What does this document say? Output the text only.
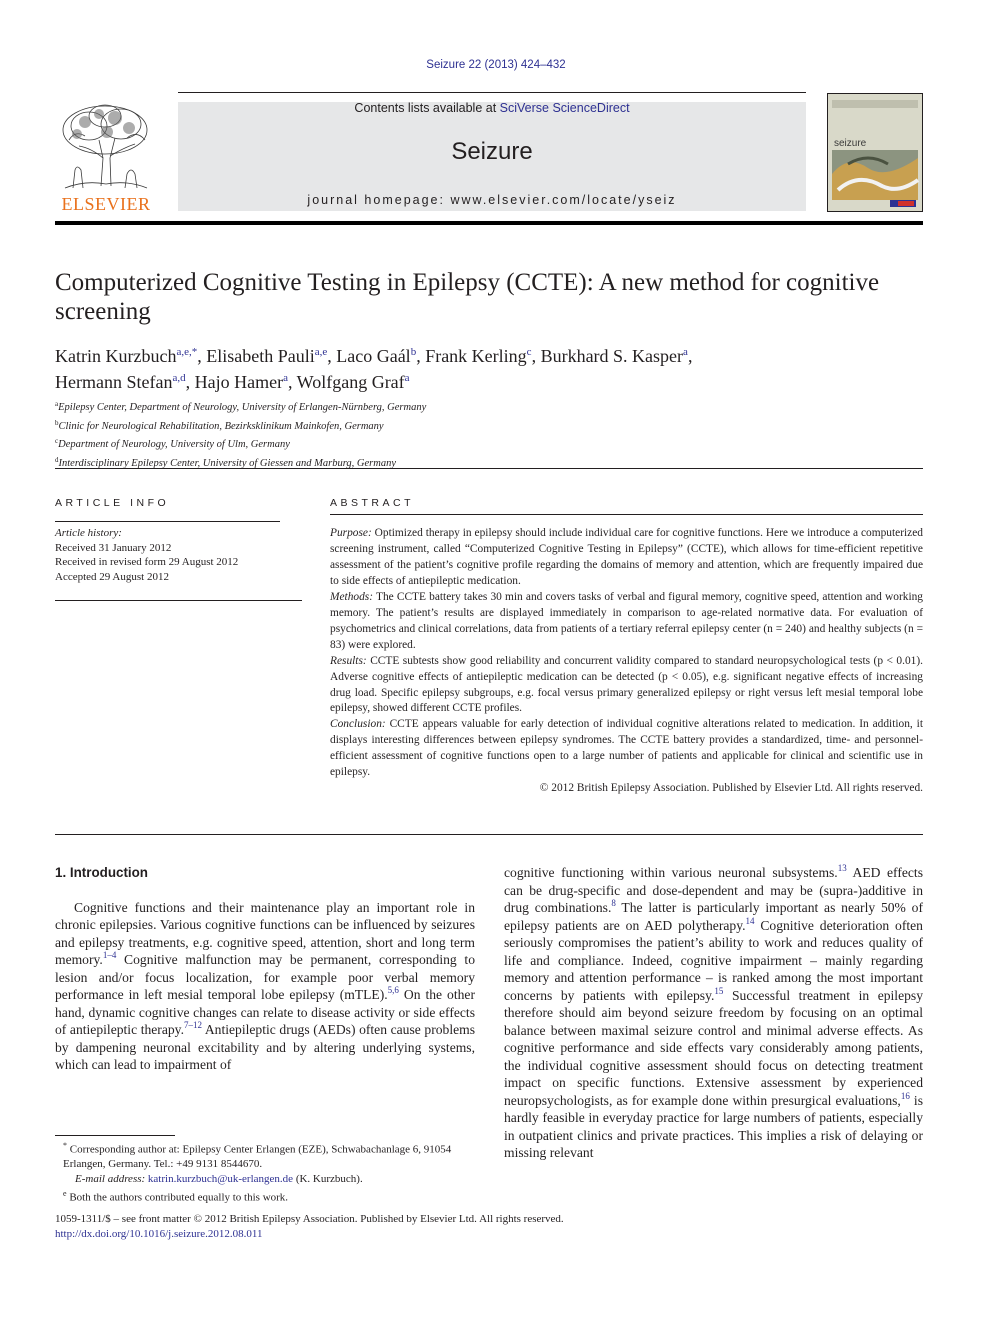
Seizure 22 (2013) 424–432
ELSEVIER
Contents lists available at SciVerse ScienceDirect
Seizure
journal homepage: www.elsevier.com/locate/yseiz
seizure
Computerized Cognitive Testing in Epilepsy (CCTE): A new method for cognitive screening
Katrin Kurzbuch$^{a,e,*}$, Elisabeth Pauli$^{a,e}$, Laco Gaál$^b$, Frank Kerling$^c$, Burkhard S. Kasper$^a$,
Hermann Stefan$^{a,d}$, Hajo Hamer$^a$, Wolfgang Graf$^a$
$^a$Epilepsy Center, Department of Neurology, University of Erlangen-Nürnberg, Germany
$^b$Clinic for Neurological Rehabilitation, Bezirksklinikum Mainkofen, Germany
$^c$Department of Neurology, University of Ulm, Germany
$^d$Interdisciplinary Epilepsy Center, University of Giessen and Marburg, Germany
ARTICLE INFO
Article history:
Received 31 January 2012
Received in revised form 29 August 2012
Accepted 29 August 2012
ABSTRACT
Purpose: Optimized therapy in epilepsy should include individual care for cognitive functions. Here we introduce a computerized screening instrument, called “Computerized Cognitive Testing in Epilepsy” (CCTE), which allows for time-efficient repetitive assessment of the patient’s cognitive profile regarding the domains of memory and attention, which are frequently impaired due to side effects of antiepileptic medication.
Methods: The CCTE battery takes 30 min and covers tasks of verbal and figural memory, cognitive speed, attention and working memory. The patient’s results are displayed immediately in comparison to age-related normative data. For evaluation of psychometrics and clinical correlations, data from patients of a tertiary referral epilepsy center (n = 240) and healthy subjects (n = 83) were explored.
Results: CCTE subtests show good reliability and concurrent validity compared to standard neuropsychological tests (p < 0.01). Adverse cognitive effects of antiepileptic medication can be detected (p < 0.05), e.g. significant negative effects of increasing drug load. Specific epilepsy subgroups, e.g. focal versus primary generalized epilepsy or right versus left mesial temporal lobe epilepsy, showed different CCTE profiles.
Conclusion: CCTE appears valuable for early detection of individual cognitive alterations related to medication. In addition, it displays interesting differences between epilepsy syndromes. The CCTE battery provides a standardized, time- and personnel-efficient assessment of cognitive functions open to a large number of patients and applicable for clinical and scientific use in epilepsy.
© 2012 British Epilepsy Association. Published by Elsevier Ltd. All rights reserved.
1. Introduction

Cognitive functions and their maintenance play an important role in chronic epilepsies. Various cognitive functions can be influenced by seizures and epilepsy treatments, e.g. cognitive speed, attention, short and long term memory.$^{1-4}$ Cognitive malfunction may be permanent, corresponding to lesion and/or focus localization, for example poor verbal memory performance in left mesial temporal lobe epilepsy (mTLE).$^{5,6}$ On the other hand, dynamic cognitive changes can relate to disease activity or side effects of antiepileptic therapy.$^{7-12}$ Antiepileptic drugs (AEDs) often cause problems by dampening neuronal excitability and by altering underlying systems, which can lead to impairment of

cognitive functioning within various neuronal subsystems.$^{13}$ AED effects can be drug-specific and dose-dependent and may be (supra-)additive in drug combinations.$^8$ The latter is particularly important as nearly 50% of epilepsy patients are on AED polytherapy.$^{14}$ Cognitive deterioration often seriously compromises the patient’s ability to work and reduces quality of life and compliance. Indeed, cognitive impairment – mainly regarding memory and attention performance – is ranked among the most important concerns by patients with epilepsy.$^{15}$ Successful treatment in epilepsy therefore should aim beyond seizure freedom by focusing on an optimal balance between maximal seizure control and minimal adverse effects. As cognitive performance and side effects vary considerably among patients, the individual cognitive assessment should focus on detecting treatment impact on specific functions. Extensive assessment by experienced neuropsychologists, as for example done within presurgical evaluations,$^{16}$ is hardly feasible in everyday practice for large numbers of patients, especially in outpatient clinics and private practices. This implies a risk of delaying or missing relevant
* Corresponding author at: Epilepsy Center Erlangen (EZE), Schwabachanlage 6, 91054 Erlangen, Germany. Tel.: +49 9131 8544670.
E-mail address: katrin.kurzbuch@uk-erlangen.de (K. Kurzbuch).
$^e$ Both the authors contributed equally to this work.
1059-1311/$ – see front matter © 2012 British Epilepsy Association. Published by Elsevier Ltd. All rights reserved.
http://dx.doi.org/10.1016/j.seizure.2012.08.011
